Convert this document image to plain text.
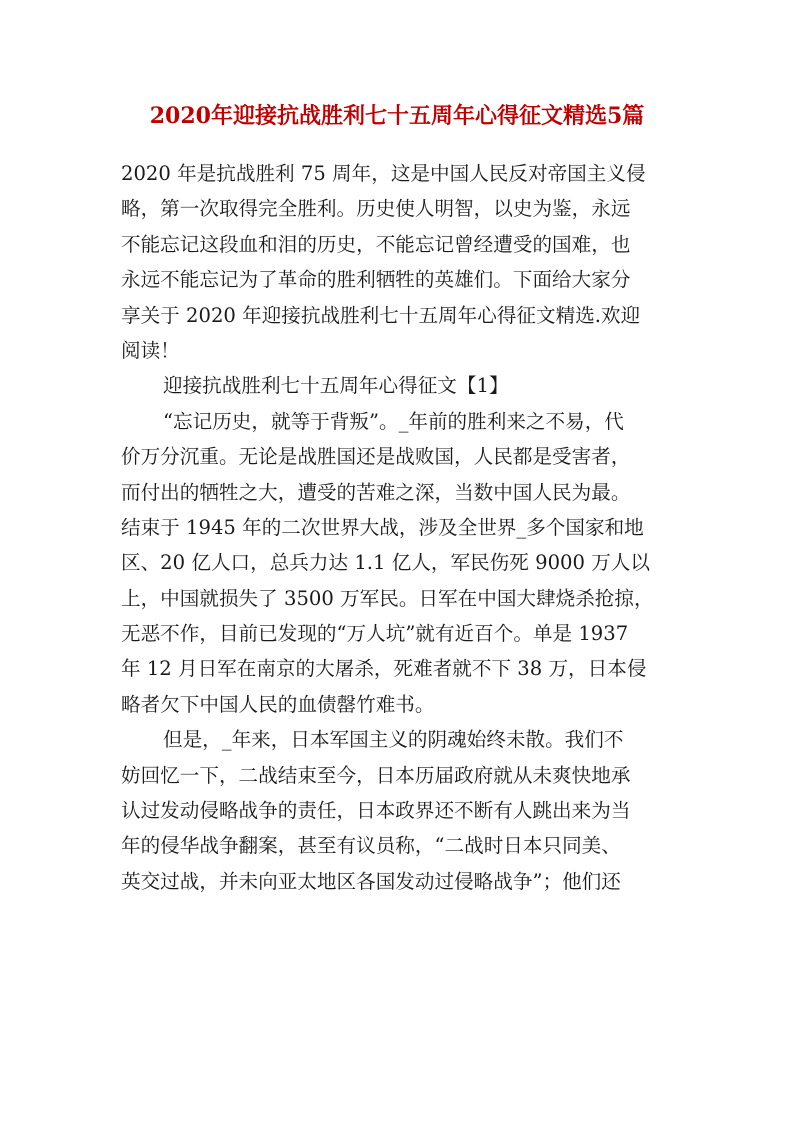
2020年迎接抗战胜利七十五周年心得征文精选5篇
2020 年是抗战胜利 75 周年，这是中国人民反对帝国主义侵
略，第一次取得完全胜利。历史使人明智，以史为鉴，永远
不能忘记这段血和泪的历史，不能忘记曾经遭受的国难，也
永远不能忘记为了革命的胜利牺牲的英雄们。下面给大家分
享关于 2020 年迎接抗战胜利七十五周年心得征文精选.欢迎
阅读！
迎接抗战胜利七十五周年心得征文【1】
“忘记历史，就等于背叛”。_年前的胜利来之不易，代
价万分沉重。无论是战胜国还是战败国，人民都是受害者，
而付出的牺牲之大，遭受的苦难之深，当数中国人民为最。
结束于 1945 年的二次世界大战，涉及全世界_多个国家和地
区、20 亿人口，总兵力达 1.1 亿人，军民伤死 9000 万人以
上，中国就损失了 3500 万军民。日军在中国大肆烧杀抢掠，
无恶不作，目前已发现的“万人坑”就有近百个。单是 1937
年 12 月日军在南京的大屠杀，死难者就不下 38 万，日本侵
略者欠下中国人民的血债罄竹难书。
但是，_年来，日本军国主义的阴魂始终未散。我们不
妨回忆一下，二战结束至今，日本历届政府就从未爽快地承
认过发动侵略战争的责任，日本政界还不断有人跳出来为当
年的侵华战争翻案，甚至有议员称，“二战时日本只同美、
英交过战，并未向亚太地区各国发动过侵略战争”；他们还
